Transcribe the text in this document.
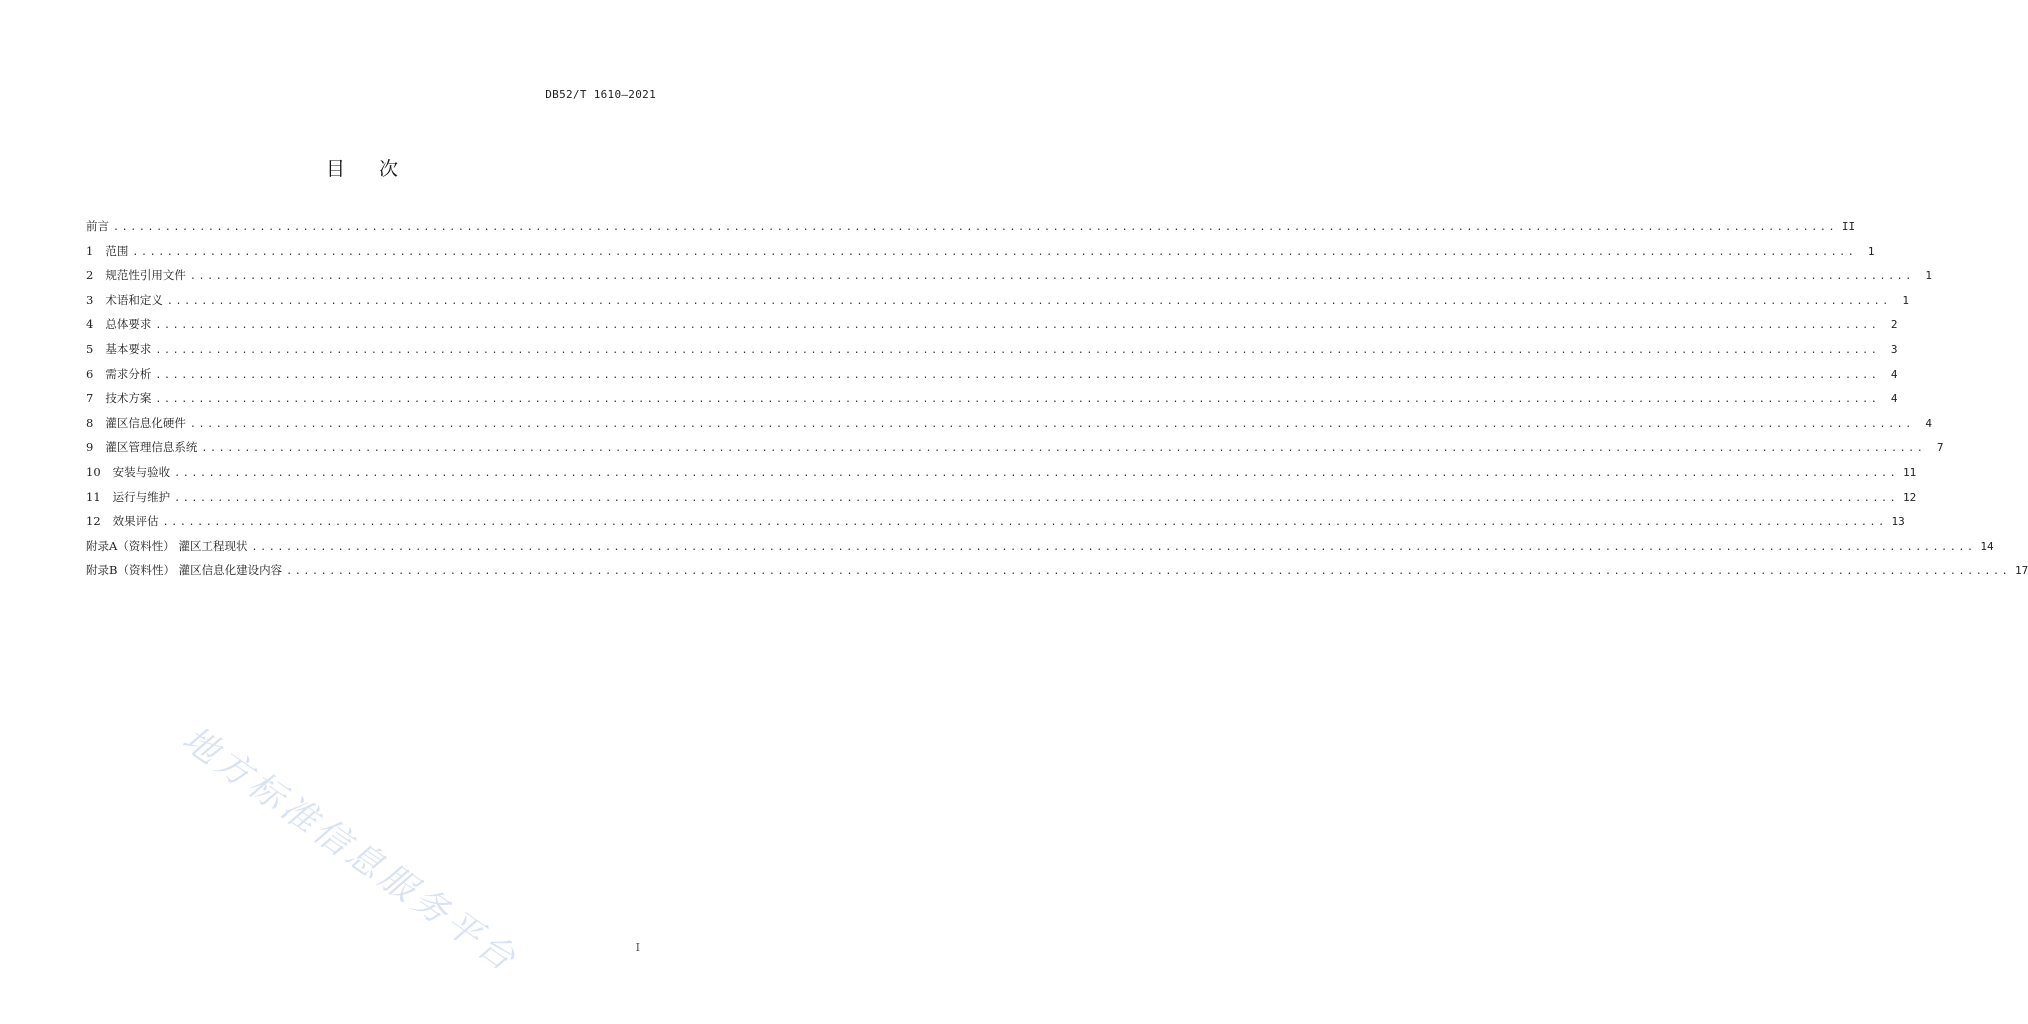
DB52/T 1610—2021
目次
前言 ........................................................................................................................................................................................................ II
1 范围 ........................................................................................................................................................................................................	1
2 规范性引用文件 ........................................................................................................................................................................................................	1
3 术语和定义 ........................................................................................................................................................................................................	1
4 总体要求 ........................................................................................................................................................................................................	2
5 基本要求 ........................................................................................................................................................................................................	3
6 需求分析 ........................................................................................................................................................................................................	4
7 技术方案 ........................................................................................................................................................................................................	4
8 灌区信息化硬件 ........................................................................................................................................................................................................	4
9 灌区管理信息系统 ........................................................................................................................................................................................................	7
10 安装与验收 ........................................................................................................................................................................................................ 11
11 运行与维护 ........................................................................................................................................................................................................ 12
12 效果评估 ........................................................................................................................................................................................................ 13
附录A（资料性） 灌区工程现状 ........................................................................................................................................................................................................ 14
附录B（资料性） 灌区信息化建设内容 ........................................................................................................................................................................................................ 17
地方标准信息服务平台	I
